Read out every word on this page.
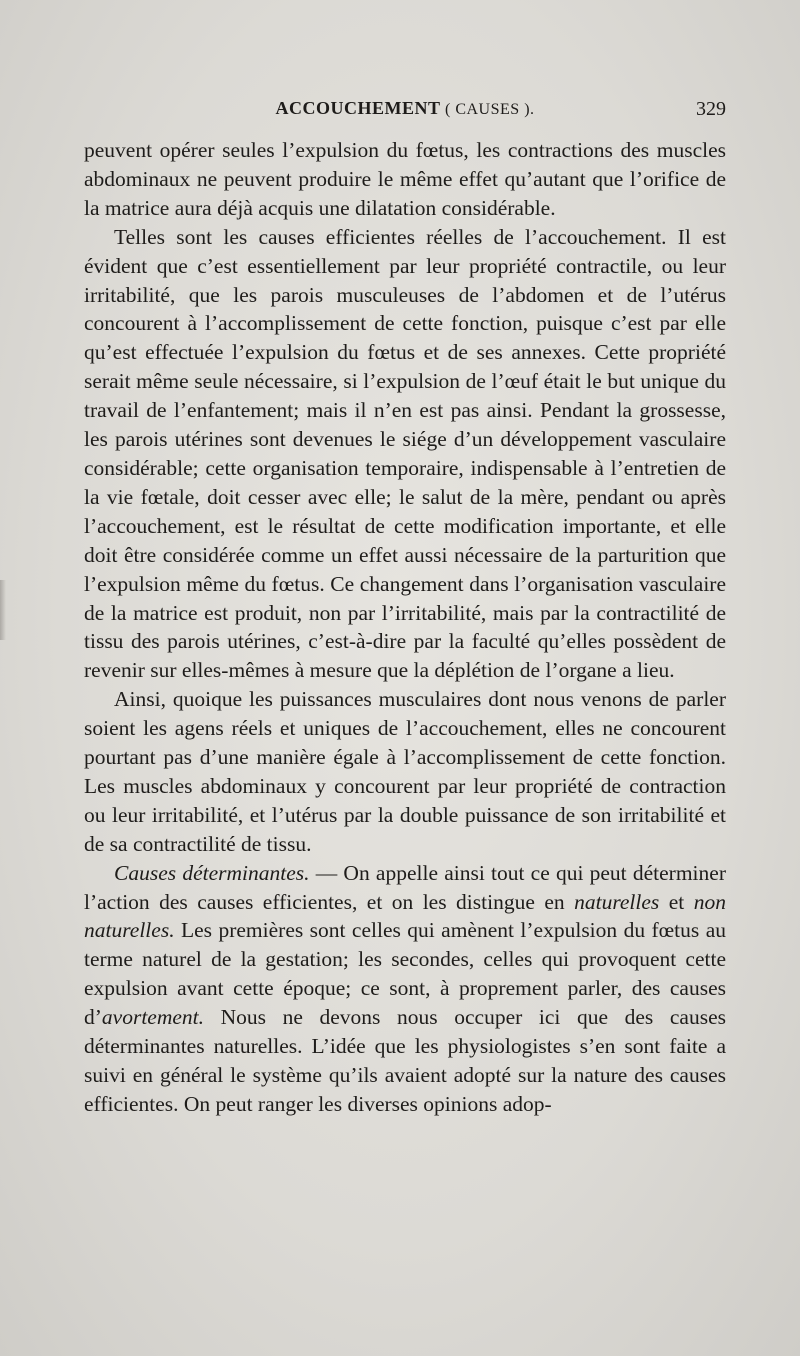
ACCOUCHEMENT ( CAUSES ).	329

peuvent opérer seules l’expulsion du fœtus, les contractions des muscles abdominaux ne peuvent produire le même effet qu’autant que l’orifice de la matrice aura déjà acquis une dilatation considérable.

Telles sont les causes efficientes réelles de l’accouchement. Il est évident que c’est essentiellement par leur propriété contractile, ou leur irritabilité, que les parois musculeuses de l’abdomen et de l’utérus concourent à l’accomplissement de cette fonction, puisque c’est par elle qu’est effectuée l’expulsion du fœtus et de ses annexes. Cette propriété serait même seule nécessaire, si l’expulsion de l’œuf était le but unique du travail de l’enfantement; mais il n’en est pas ainsi. Pendant la grossesse, les parois utérines sont devenues le siége d’un développement vasculaire considérable; cette organisation temporaire, indispensable à l’entretien de la vie fœtale, doit cesser avec elle; le salut de la mère, pendant ou après l’accouchement, est le résultat de cette modification importante, et elle doit être considérée comme un effet aussi nécessaire de la parturition que l’expulsion même du fœtus. Ce changement dans l’organisation vasculaire de la matrice est produit, non par l’irritabilité, mais par la contractilité de tissu des parois utérines, c’est-à-dire par la faculté qu’elles possèdent de revenir sur elles-mêmes à mesure que la déplétion de l’organe a lieu.

Ainsi, quoique les puissances musculaires dont nous venons de parler soient les agens réels et uniques de l’accouchement, elles ne concourent pourtant pas d’une manière égale à l’accomplissement de cette fonction. Les muscles abdominaux y concourent par leur propriété de contraction ou leur irritabilité, et l’utérus par la double puissance de son irritabilité et de sa contractilité de tissu.

Causes déterminantes. — On appelle ainsi tout ce qui peut déterminer l’action des causes efficientes, et on les distingue en naturelles et non naturelles. Les premières sont celles qui amènent l’expulsion du fœtus au terme naturel de la gestation; les secondes, celles qui provoquent cette expulsion avant cette époque; ce sont, à proprement parler, des causes d’avortement. Nous ne devons nous occuper ici que des causes déterminantes naturelles. L’idée que les physiologistes s’en sont faite a suivi en général le système qu’ils avaient adopté sur la nature des causes efficientes. On peut ranger les diverses opinions adop-
